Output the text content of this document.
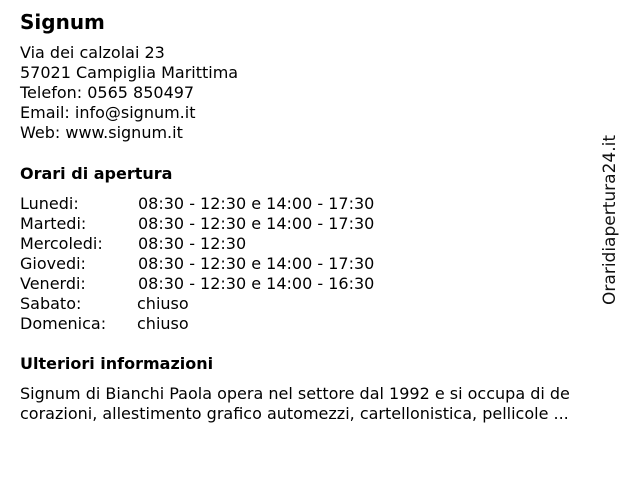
Signum
Via dei calzolai 23
57021 Campiglia Marittima
Telefon: 0565 850497
Email: info@signum.it
Web: www.signum.it
Orari di apertura
Lunedi:	08:30 - 12:30 e 14:00 - 17:30
Martedi:	08:30 - 12:30 e 14:00 - 17:30
Mercoledi: 08:30 - 12:30
Giovedi:	08:30 - 12:30 e 14:00 - 17:30
Venerdi:	08:30 - 12:30 e 14:00 - 16:30
Sabato:	chiuso
Domenica: chiuso
Ulteriori informazioni
Signum di Bianchi Paola opera nel settore dal 1992 e si occupa di de
corazioni, allestimento grafico automezzi, cartellonistica, pellicole ...
Oraridiapertura24.it
